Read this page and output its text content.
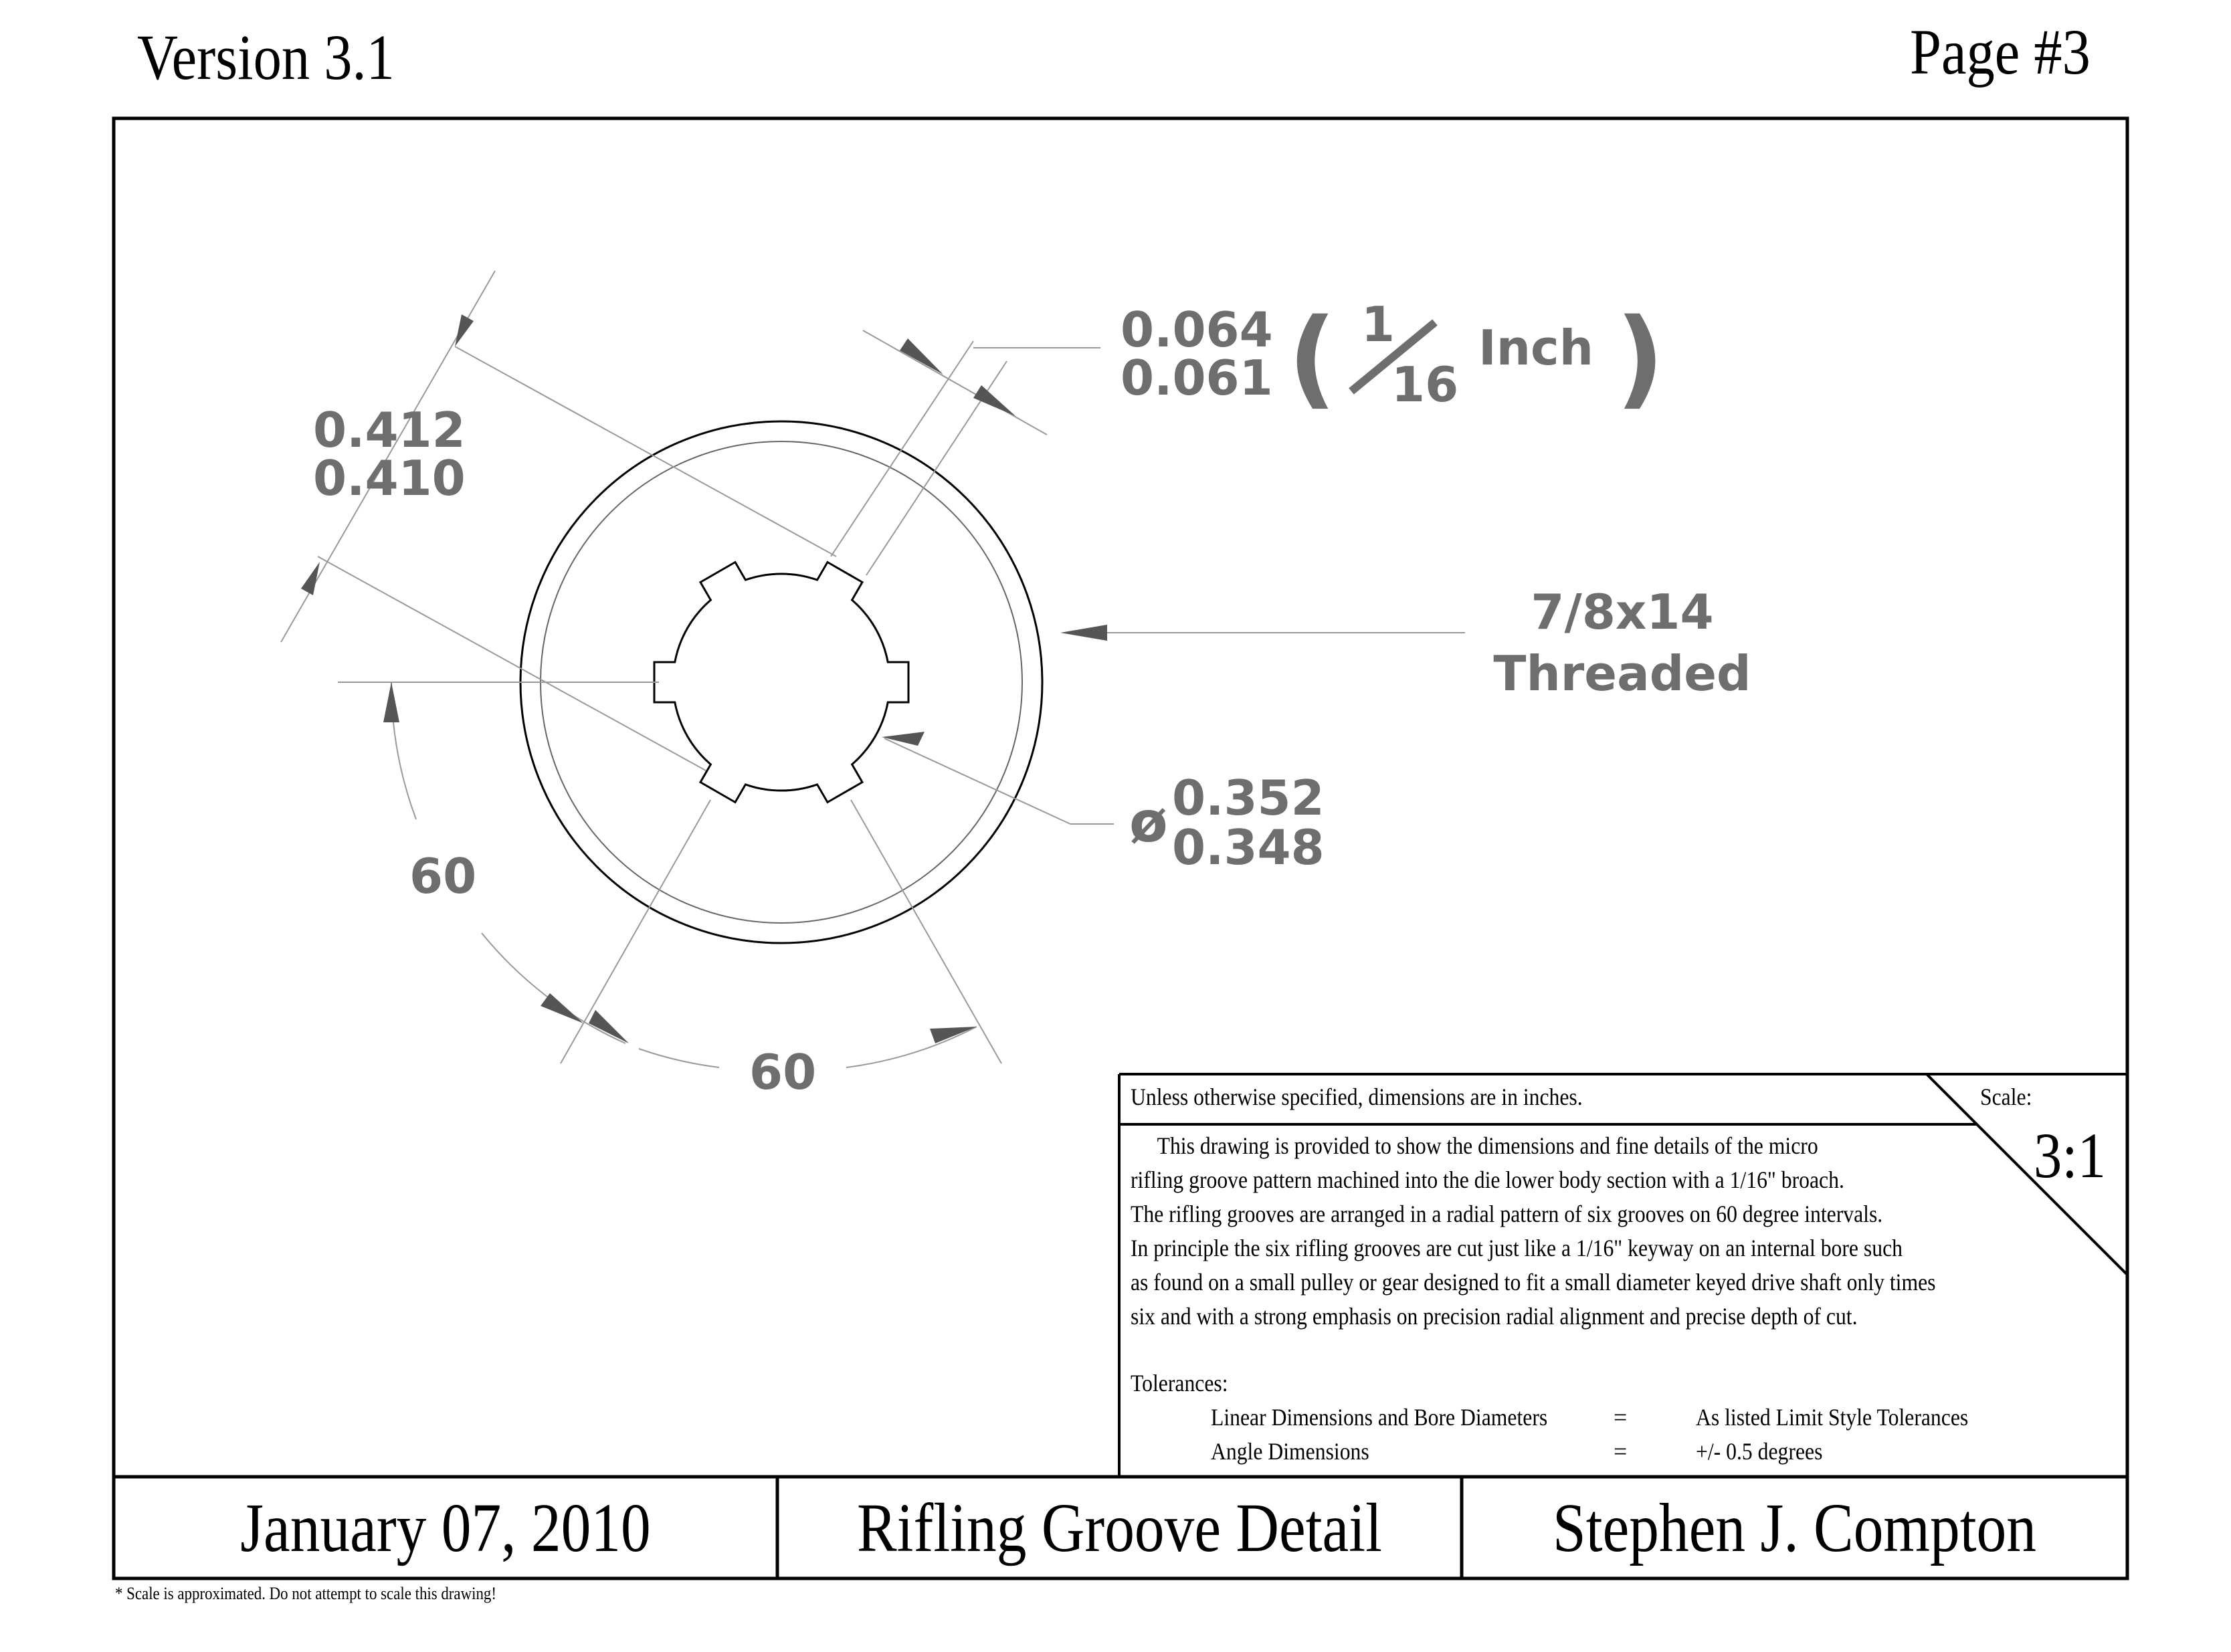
Version 3.1	Page #3
0.064
0.061 ( 1
16
Inch )
0.412
0.410
7/8x14
Threaded
ø 0.352
0.348
60
60	Unless otherwise specified, dimensions are in inches.	Scale:
3:1
This drawing is provided to show the dimensions and fine details of the micro
rifling groove pattern machined into the die lower body section with a 1/16" broach.
The rifling grooves are arranged in a radial pattern of six grooves on 60 degree intervals.
In principle the six rifling grooves are cut just like a 1/16" keyway on an internal bore such
as found on a small pulley or gear designed to fit a small diameter keyed drive shaft only times
six and with a strong emphasis on precision radial alignment and precise depth of cut.
Tolerances:
Linear Dimensions and Bore Diameters	=	As listed Limit Style Tolerances
Angle Dimensions	=	+/- 0.5 degrees
January 07, 2010	Rifling Groove Detail	Stephen J. Compton
* Scale is approximated. Do not attempt to scale this drawing!
